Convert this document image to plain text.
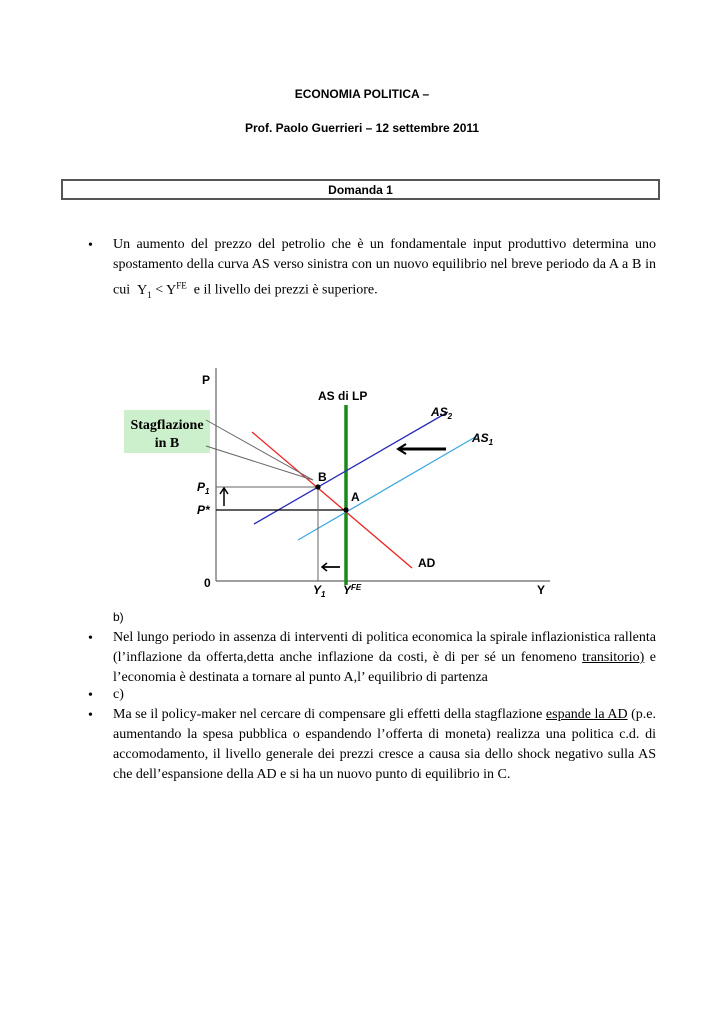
ECONOMIA POLITICA –
Prof. Paolo Guerrieri – 12 settembre 2011
Domanda 1
• Un aumento del prezzo del petrolio che è un fondamentale input produttivo determina uno spostamento della curva AS verso sinistra con un nuovo equilibrio nel breve periodo da A a B in cui $Y_1 < Y^{FE}$ e il livello dei prezzi è superiore.
P
Y
0
AS di LP
$AS_2$
$AS_1$
AD
B
A
$P_1$
P*
$Y_1$ $Y^{FE}$
Stagflazione
in B
b)
• Nel lungo periodo in assenza di interventi di politica economica la spirale inflazionistica rallenta (l’inflazione da offerta,detta anche inflazione da costi, è di per sé un fenomeno transitorio) e l’economia è destinata a tornare al punto A,l’ equilibrio di partenza
• c)
• Ma se il policy-maker nel cercare di compensare gli effetti della stagflazione espande la AD (p.e. aumentando la spesa pubblica o espandendo l’offerta di moneta) realizza una politica c.d. di accomodamento, il livello generale dei prezzi cresce a causa sia dello shock negativo sulla AS che dell’espansione della AD e si ha un nuovo punto di equilibrio in C.
